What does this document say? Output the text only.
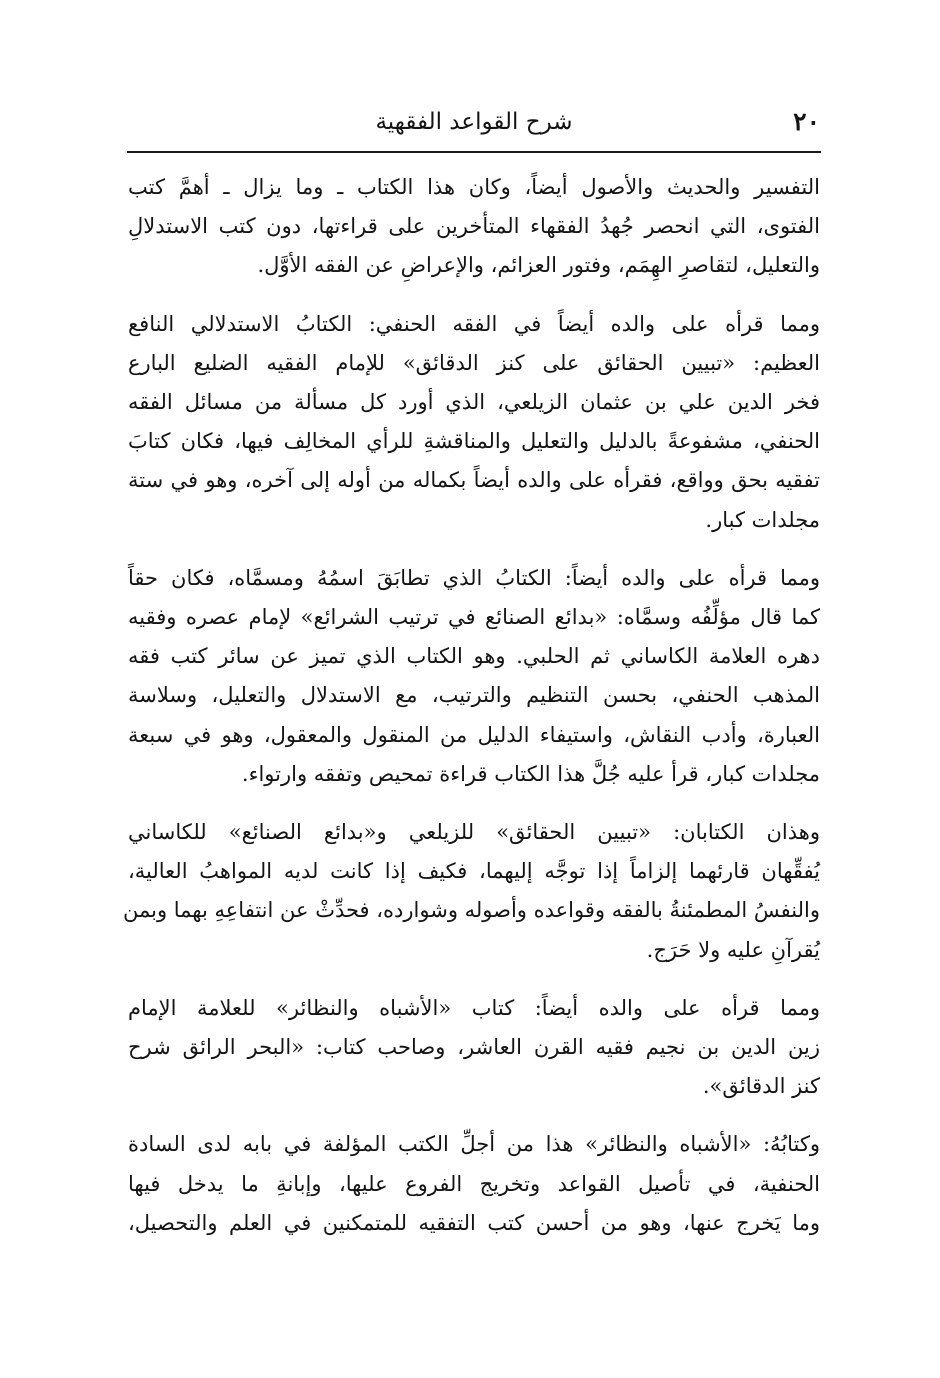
٢٠
شرح القواعد الفقهية

التفسير والحديث والأصول أيضاً، وكان هذا الكتاب ـ وما يزال ـ أهمَّ كتب
الفتوى، التي انحصر جُهدُ الفقهاء المتأخرين على قراءتها، دون كتب الاستدلالِ
والتعليل، لتقاصرِ الهِمَم، وفتور العزائم، والإعراضِ عن الفقه الأوَّل.

ومما قرأه على والده أيضاً في الفقه الحنفي: الكتابُ الاستدلالي النافع
العظيم: «تبيين الحقائق على كنز الدقائق» للإمام الفقيه الضليع البارع
فخر الدين علي بن عثمان الزيلعي، الذي أورد كل مسألة من مسائل الفقه
الحنفي، مشفوعةً بالدليل والتعليل والمناقشةِ للرأي المخالِف فيها، فكان كتابَ
تفقيه بحق وواقع، فقرأه على والده أيضاً بكماله من أوله إلى آخره، وهو في ستة
مجلدات كبار.

ومما قرأه على والده أيضاً: الكتابُ الذي تطابَقَ اسمُهُ ومسمَّاه، فكان حقاً
كما قال مؤلِّفُه وسمَّاه: «بدائع الصنائع في ترتيب الشرائع» لإمام عصره وفقيه
دهره العلامة الكاساني ثم الحلبي. وهو الكتاب الذي تميز عن سائر كتب فقه
المذهب الحنفي، بحسن التنظيم والترتيب، مع الاستدلال والتعليل، وسلاسة
العبارة، وأدب النقاش، واستيفاء الدليل من المنقول والمعقول، وهو في سبعة
مجلدات كبار، قرأ عليه جُلَّ هذا الكتاب قراءة تمحيص وتفقه وارتواء.

وهذان الكتابان: «تبيين الحقائق» للزيلعي و«بدائع الصنائع» للكاساني
يُفقِّهان قارئهما إلزاماً إذا توجَّه إليهما، فكيف إذا كانت لديه المواهبُ العالية،
والنفسُ المطمئنةُ بالفقه وقواعده وأصوله وشوارده، فحدِّثْ عن انتفاعِهِ بهما وبمن
يُقرآنِ عليه ولا حَرَج.

ومما قرأه على والده أيضاً: كتاب «الأشباه والنظائر» للعلامة الإمام
زين الدين بن نجيم فقيه القرن العاشر، وصاحب كتاب: «البحر الرائق شرح
كنز الدقائق».

وكتابُهُ: «الأشباه والنظائر» هذا من أجلِّ الكتب المؤلفة في بابه لدى السادة
الحنفية، في تأصيل القواعد وتخريج الفروع عليها، وإبانةِ ما يدخل فيها
وما يَخرج عنها، وهو من أحسن كتب التفقيه للمتمكنين في العلم والتحصيل،
